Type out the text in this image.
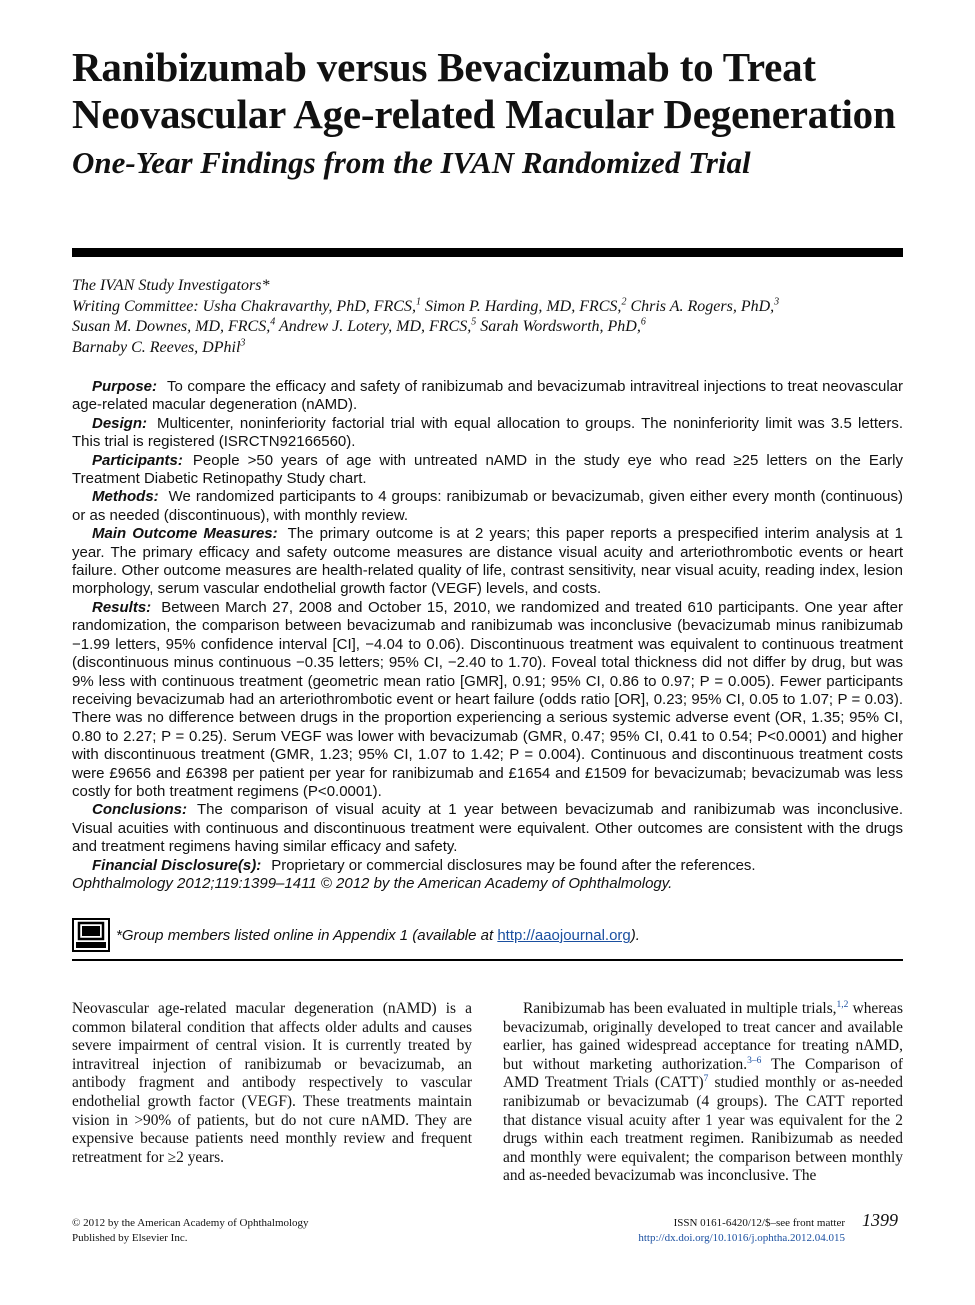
Ranibizumab versus Bevacizumab to Treat Neovascular Age-related Macular Degeneration
One-Year Findings from the IVAN Randomized Trial
The IVAN Study Investigators*
Writing Committee: Usha Chakravarthy, PhD, FRCS,$^1$ Simon P. Harding, MD, FRCS,$^2$ Chris A. Rogers, PhD,$^3$
Susan M. Downes, MD, FRCS,$^4$ Andrew J. Lotery, MD, FRCS,$^5$ Sarah Wordsworth, PhD,$^6$
Barnaby C. Reeves, DPhil$^3$

Purpose: To compare the efficacy and safety of ranibizumab and bevacizumab intravitreal injections to treat neovascular age-related macular degeneration (nAMD).

Design: Multicenter, noninferiority factorial trial with equal allocation to groups. The noninferiority limit was 3.5 letters. This trial is registered (ISRCTN92166560).

Participants: People >50 years of age with untreated nAMD in the study eye who read ≥25 letters on the Early Treatment Diabetic Retinopathy Study chart.

Methods: We randomized participants to 4 groups: ranibizumab or bevacizumab, given either every month (continuous) or as needed (discontinuous), with monthly review.

Main Outcome Measures: The primary outcome is at 2 years; this paper reports a prespecified interim analysis at 1 year. The primary efficacy and safety outcome measures are distance visual acuity and arteriothrombotic events or heart failure. Other outcome measures are health-related quality of life, contrast sensitivity, near visual acuity, reading index, lesion morphology, serum vascular endothelial growth factor (VEGF) levels, and costs.

Results: Between March 27, 2008 and October 15, 2010, we randomized and treated 610 participants. One year after randomization, the comparison between bevacizumab and ranibizumab was inconclusive (bevacizumab minus ranibizumab −1.99 letters, 95% confidence interval [CI], −4.04 to 0.06). Discontinuous treatment was equivalent to continuous treatment (discontinuous minus continuous −0.35 letters; 95% CI, −2.40 to 1.70). Foveal total thickness did not differ by drug, but was 9% less with continuous treatment (geometric mean ratio [GMR], 0.91; 95% CI, 0.86 to 0.97; P = 0.005). Fewer participants receiving bevacizumab had an arteriothrombotic event or heart failure (odds ratio [OR], 0.23; 95% CI, 0.05 to 1.07; P = 0.03). There was no difference between drugs in the proportion experiencing a serious systemic adverse event (OR, 1.35; 95% CI, 0.80 to 2.27; P = 0.25). Serum VEGF was lower with bevacizumab (GMR, 0.47; 95% CI, 0.41 to 0.54; P<0.0001) and higher with discontinuous treatment (GMR, 1.23; 95% CI, 1.07 to 1.42; P = 0.004). Continuous and discontinuous treatment costs were £9656 and £6398 per patient per year for ranibizumab and £1654 and £1509 for bevacizumab; bevacizumab was less costly for both treatment regimens (P<0.0001).

Conclusions: The comparison of visual acuity at 1 year between bevacizumab and ranibizumab was inconclusive. Visual acuities with continuous and discontinuous treatment were equivalent. Other outcomes are consistent with the drugs and treatment regimens having similar efficacy and safety.

Financial Disclosure(s): Proprietary or commercial disclosures may be found after the references.

Ophthalmology 2012;119:1399–1411 © 2012 by the American Academy of Ophthalmology.

*Group members listed online in Appendix 1 (available at http://aaojournal.org).

Neovascular age-related macular degeneration (nAMD) is a common bilateral condition that affects older adults and causes severe impairment of central vision. It is currently treated by intravitreal injection of ranibizumab or bevacizumab, an antibody fragment and antibody respectively to vascular endothelial growth factor (VEGF). These treatments maintain vision in >90% of patients, but do not cure nAMD. They are expensive because patients need monthly review and frequent retreatment for ≥2 years.

Ranibizumab has been evaluated in multiple trials,$^{1,2}$ whereas bevacizumab, originally developed to treat cancer and available earlier, has gained widespread acceptance for treating nAMD, but without marketing authorization.$^{3-6}$ The Comparison of AMD Treatment Trials (CATT)$^7$ studied monthly or as-needed ranibizumab or bevacizumab (4 groups). The CATT reported that distance visual acuity after 1 year was equivalent for the 2 drugs within each treatment regimen. Ranibizumab as needed and monthly were equivalent; the comparison between monthly and as-needed bevacizumab was inconclusive. The

© 2012 by the American Academy of Ophthalmology
Published by Elsevier Inc.
ISSN 0161-6420/12/$–see front matter
http://dx.doi.org/10.1016/j.ophtha.2012.04.015
1399
